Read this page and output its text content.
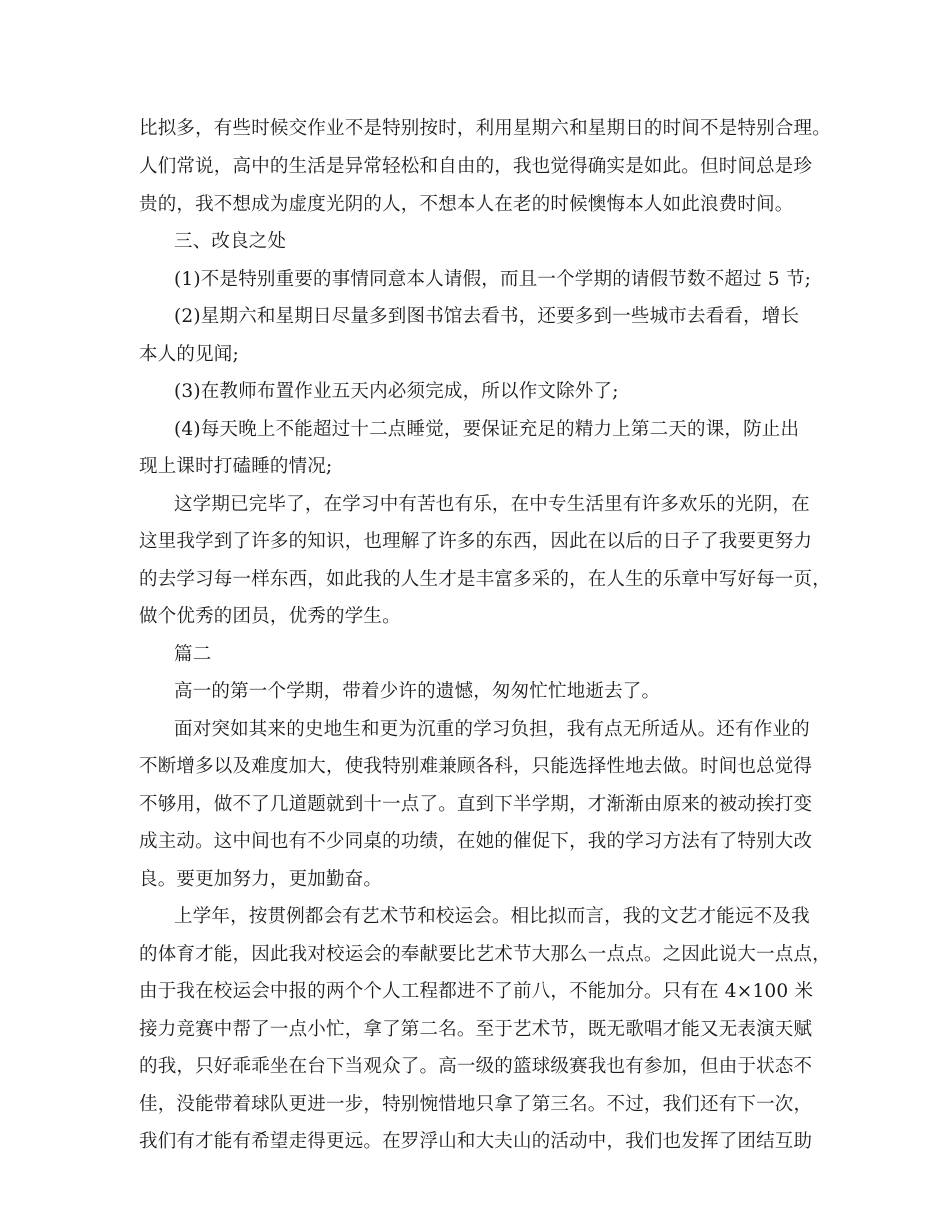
比拟多，有些时候交作业不是特别按时，利用星期六和星期日的时间不是特别合理。
人们常说，高中的生活是异常轻松和自由的，我也觉得确实是如此。但时间总是珍
贵的，我不想成为虚度光阴的人，不想本人在老的时候懊悔本人如此浪费时间。
三、改良之处
(1)不是特别重要的事情同意本人请假，而且一个学期的请假节数不超过 5 节;
(2)星期六和星期日尽量多到图书馆去看书，还要多到一些城市去看看，增长
本人的见闻;
(3)在教师布置作业五天内必须完成，所以作文除外了;
(4)每天晚上不能超过十二点睡觉，要保证充足的精力上第二天的课，防止出
现上课时打磕睡的情况;
这学期已完毕了，在学习中有苦也有乐，在中专生活里有许多欢乐的光阴，在
这里我学到了许多的知识，也理解了许多的东西，因此在以后的日子了我要更努力
的去学习每一样东西，如此我的人生才是丰富多采的，在人生的乐章中写好每一页，
做个优秀的团员，优秀的学生。
篇二
高一的第一个学期，带着少许的遗憾，匆匆忙忙地逝去了。
面对突如其来的史地生和更为沉重的学习负担，我有点无所适从。还有作业的
不断增多以及难度加大，使我特别难兼顾各科，只能选择性地去做。时间也总觉得
不够用，做不了几道题就到十一点了。直到下半学期，才渐渐由原来的被动挨打变
成主动。这中间也有不少同桌的功绩，在她的催促下，我的学习方法有了特别大改
良。要更加努力，更加勤奋。
上学年，按贯例都会有艺术节和校运会。相比拟而言，我的文艺才能远不及我
的体育才能，因此我对校运会的奉献要比艺术节大那么一点点。之因此说大一点点，
由于我在校运会中报的两个个人工程都进不了前八，不能加分。只有在 4×100 米
接力竞赛中帮了一点小忙，拿了第二名。至于艺术节，既无歌唱才能又无表演天赋
的我，只好乖乖坐在台下当观众了。高一级的篮球级赛我也有参加，但由于状态不
佳，没能带着球队更进一步，特别惋惜地只拿了第三名。不过，我们还有下一次，
我们有才能有希望走得更远。在罗浮山和大夫山的活动中，我们也发挥了团结互助
